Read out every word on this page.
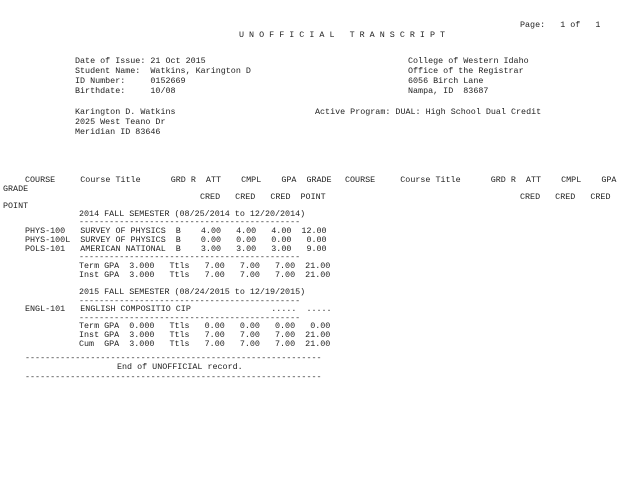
Page:   1 of   1
U N O F F I C I A L   T R A N S C R I P T
Date of Issue: 21 Oct 2015
Student Name:  Watkins, Karington D
ID Number:     0152669
Birthdate:     10/08
College of Western Idaho
Office of the Registrar
6056 Birch Lane
Nampa, ID  83687
Karington D. Watkins
2025 West Teano Dr
Meridian ID 83646
Active Program: DUAL: High School Dual Credit
COURSE     Course Title      GRD R  ATT    CMPL    GPA  GRADE COURSE     Course Title      GRD R  ATT    CMPL    GPA
GRADE
CRED   CRED   CRED  POINT	CRED   CRED   CRED
POINT
2014 FALL SEMESTER (08/25/2014 to 12/20/2014)
--------------------------------------------
PHYS-100   SURVEY OF PHYSICS  B    4.00   4.00   4.00  12.00
PHYS-100L  SURVEY OF PHYSICS  B    0.00   0.00   0.00   0.00
POLS-101   AMERICAN NATIONAL  B    3.00   3.00   3.00   9.00
--------------------------------------------
Term GPA  3.000   Ttls   7.00   7.00   7.00  21.00
Inst GPA  3.000   Ttls   7.00   7.00   7.00  21.00
2015 FALL SEMESTER (08/24/2015 to 12/19/2015)
--------------------------------------------
ENGL-101   ENGLISH COMPOSITIO CIP                .....  .....
--------------------------------------------
Term GPA  0.000   Ttls   0.00   0.00   0.00   0.00
Inst GPA  3.000   Ttls   7.00   7.00   7.00  21.00
Cum  GPA  3.000   Ttls   7.00   7.00   7.00  21.00
-----------------------------------------------------------
End of UNOFFICIAL record.
-----------------------------------------------------------
